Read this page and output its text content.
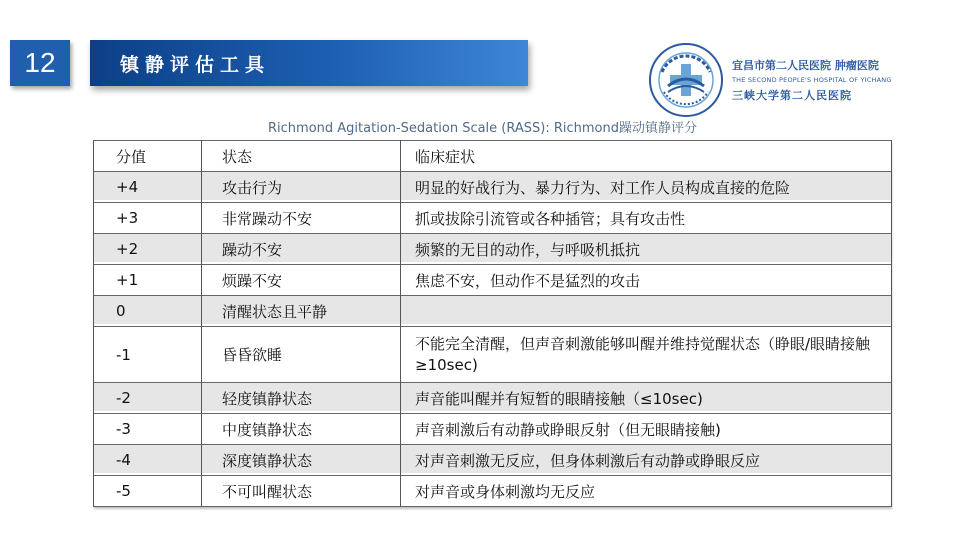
12	镇静评估工具	宜昌市第二人民医院 肿瘤医院
THE SECOND PEOPLE'S HOSPITAL OF YICHANG
三峡大学第二人民医院
Richmond Agitation-Sedation Scale (RASS): Richmond躁动镇静评分
分值	状态	临床症状
+4	攻击行为	明显的好战行为、暴力行为、对工作人员构成直接的危险
+3	非常躁动不安	抓或拔除引流管或各种插管；具有攻击性
+2	躁动不安	频繁的无目的动作，与呼吸机抵抗
+1	烦躁不安	焦虑不安，但动作不是猛烈的攻击
0	清醒状态且平静	
-1	昏昏欲睡	不能完全清醒，但声音刺激能够叫醒并维持觉醒状态（睁眼/眼睛接触≥10sec)

-2	轻度镇静状态	声音能叫醒并有短暂的眼睛接触（≤10sec)
-3	中度镇静状态	声音刺激后有动静或睁眼反射（但无眼睛接触)
-4	深度镇静状态	对声音刺激无反应，但身体刺激后有动静或睁眼反应
-5	不可叫醒状态	对声音或身体刺激均无反应
